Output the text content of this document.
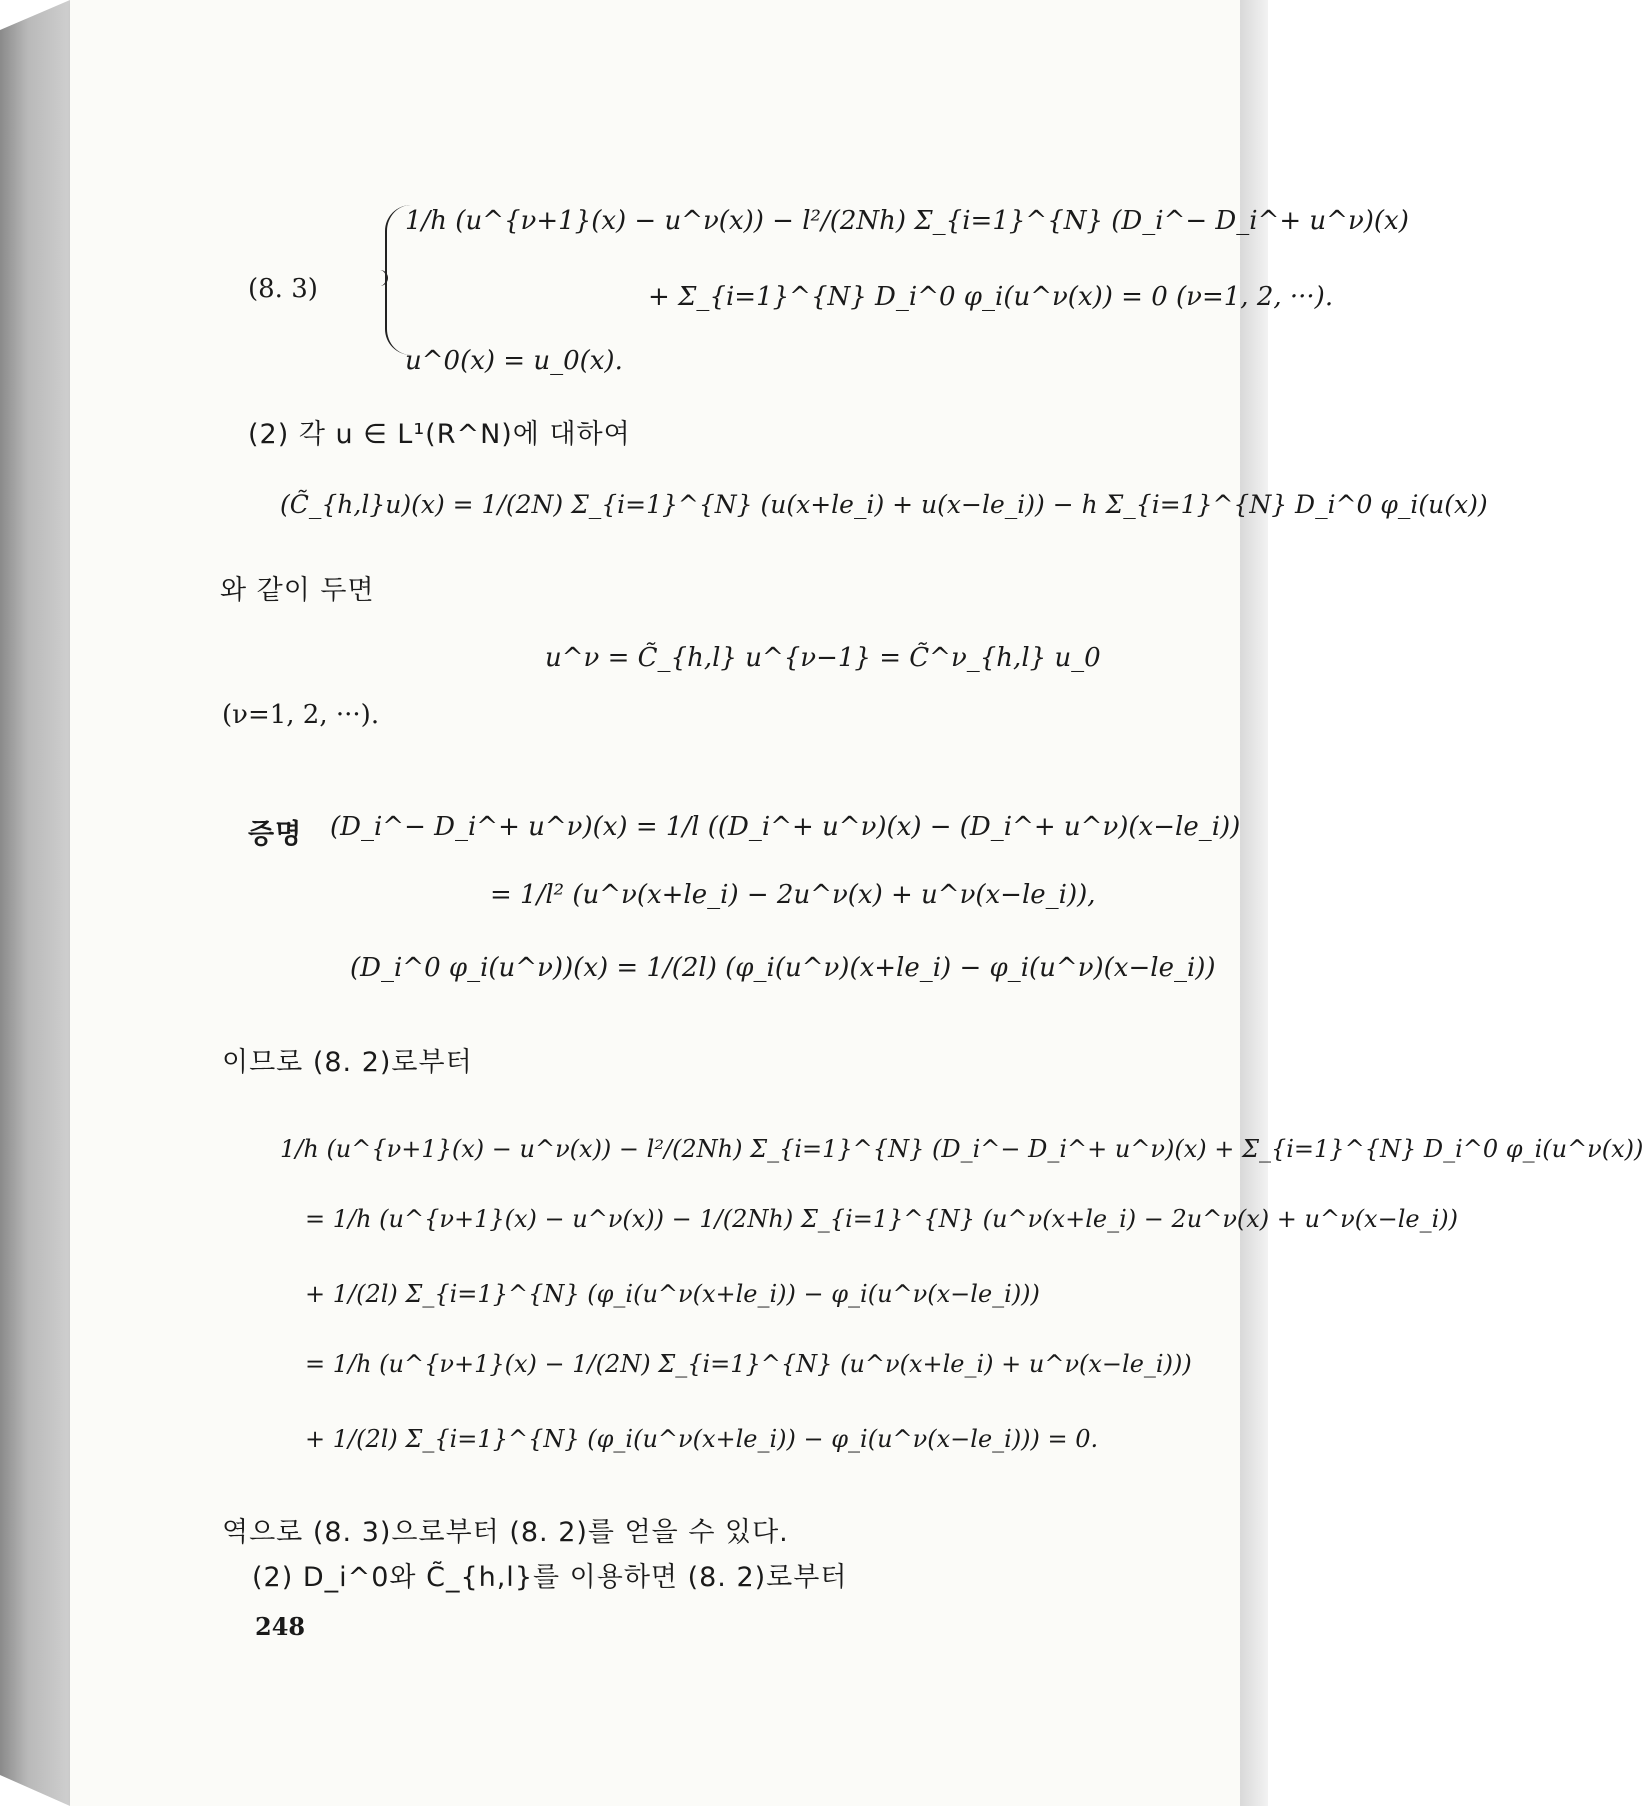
(8. 3)
1/h (u^{ν+1}(x) − u^ν(x)) − l²/(2Nh) Σ_{i=1}^{N} (D_i^− D_i^+ u^ν)(x)
+ Σ_{i=1}^{N} D_i^0 φ_i(u^ν(x)) = 0 (ν=1, 2, ···).
u^0(x) = u_0(x).
(2) 각 u ∈ L¹(R^N)에 대하여
(C̃_{h,l}u)(x) = 1/(2N) Σ_{i=1}^{N} (u(x+le_i) + u(x−le_i)) − h Σ_{i=1}^{N} D_i^0 φ_i(u(x))
와 같이 두면
u^ν = C̃_{h,l} u^{ν−1} = C̃^ν_{h,l} u_0
(ν=1, 2, ···).
증명 (D_i^− D_i^+ u^ν)(x) = 1/l ((D_i^+ u^ν)(x) − (D_i^+ u^ν)(x−le_i))
= 1/l² (u^ν(x+le_i) − 2u^ν(x) + u^ν(x−le_i)),
(D_i^0 φ_i(u^ν))(x) = 1/(2l) (φ_i(u^ν)(x+le_i) − φ_i(u^ν)(x−le_i))
이므로 (8. 2)로부터
1/h (u^{ν+1}(x) − u^ν(x)) − l²/(2Nh) Σ_{i=1}^{N} (D_i^− D_i^+ u^ν)(x) + Σ_{i=1}^{N} D_i^0 φ_i(u^ν(x))
= 1/h (u^{ν+1}(x) − u^ν(x)) − 1/(2Nh) Σ_{i=1}^{N} (u^ν(x+le_i) − 2u^ν(x) + u^ν(x−le_i))
+ 1/(2l) Σ_{i=1}^{N} (φ_i(u^ν(x+le_i)) − φ_i(u^ν(x−le_i)))
= 1/h (u^{ν+1}(x) − 1/(2N) Σ_{i=1}^{N} (u^ν(x+le_i) + u^ν(x−le_i)))
+ 1/(2l) Σ_{i=1}^{N} (φ_i(u^ν(x+le_i)) − φ_i(u^ν(x−le_i))) = 0.
역으로 (8. 3)으로부터 (8. 2)를 얻을 수 있다.
(2) D_i^0와 C̃_{h,l}를 이용하면 (8. 2)로부터
248
